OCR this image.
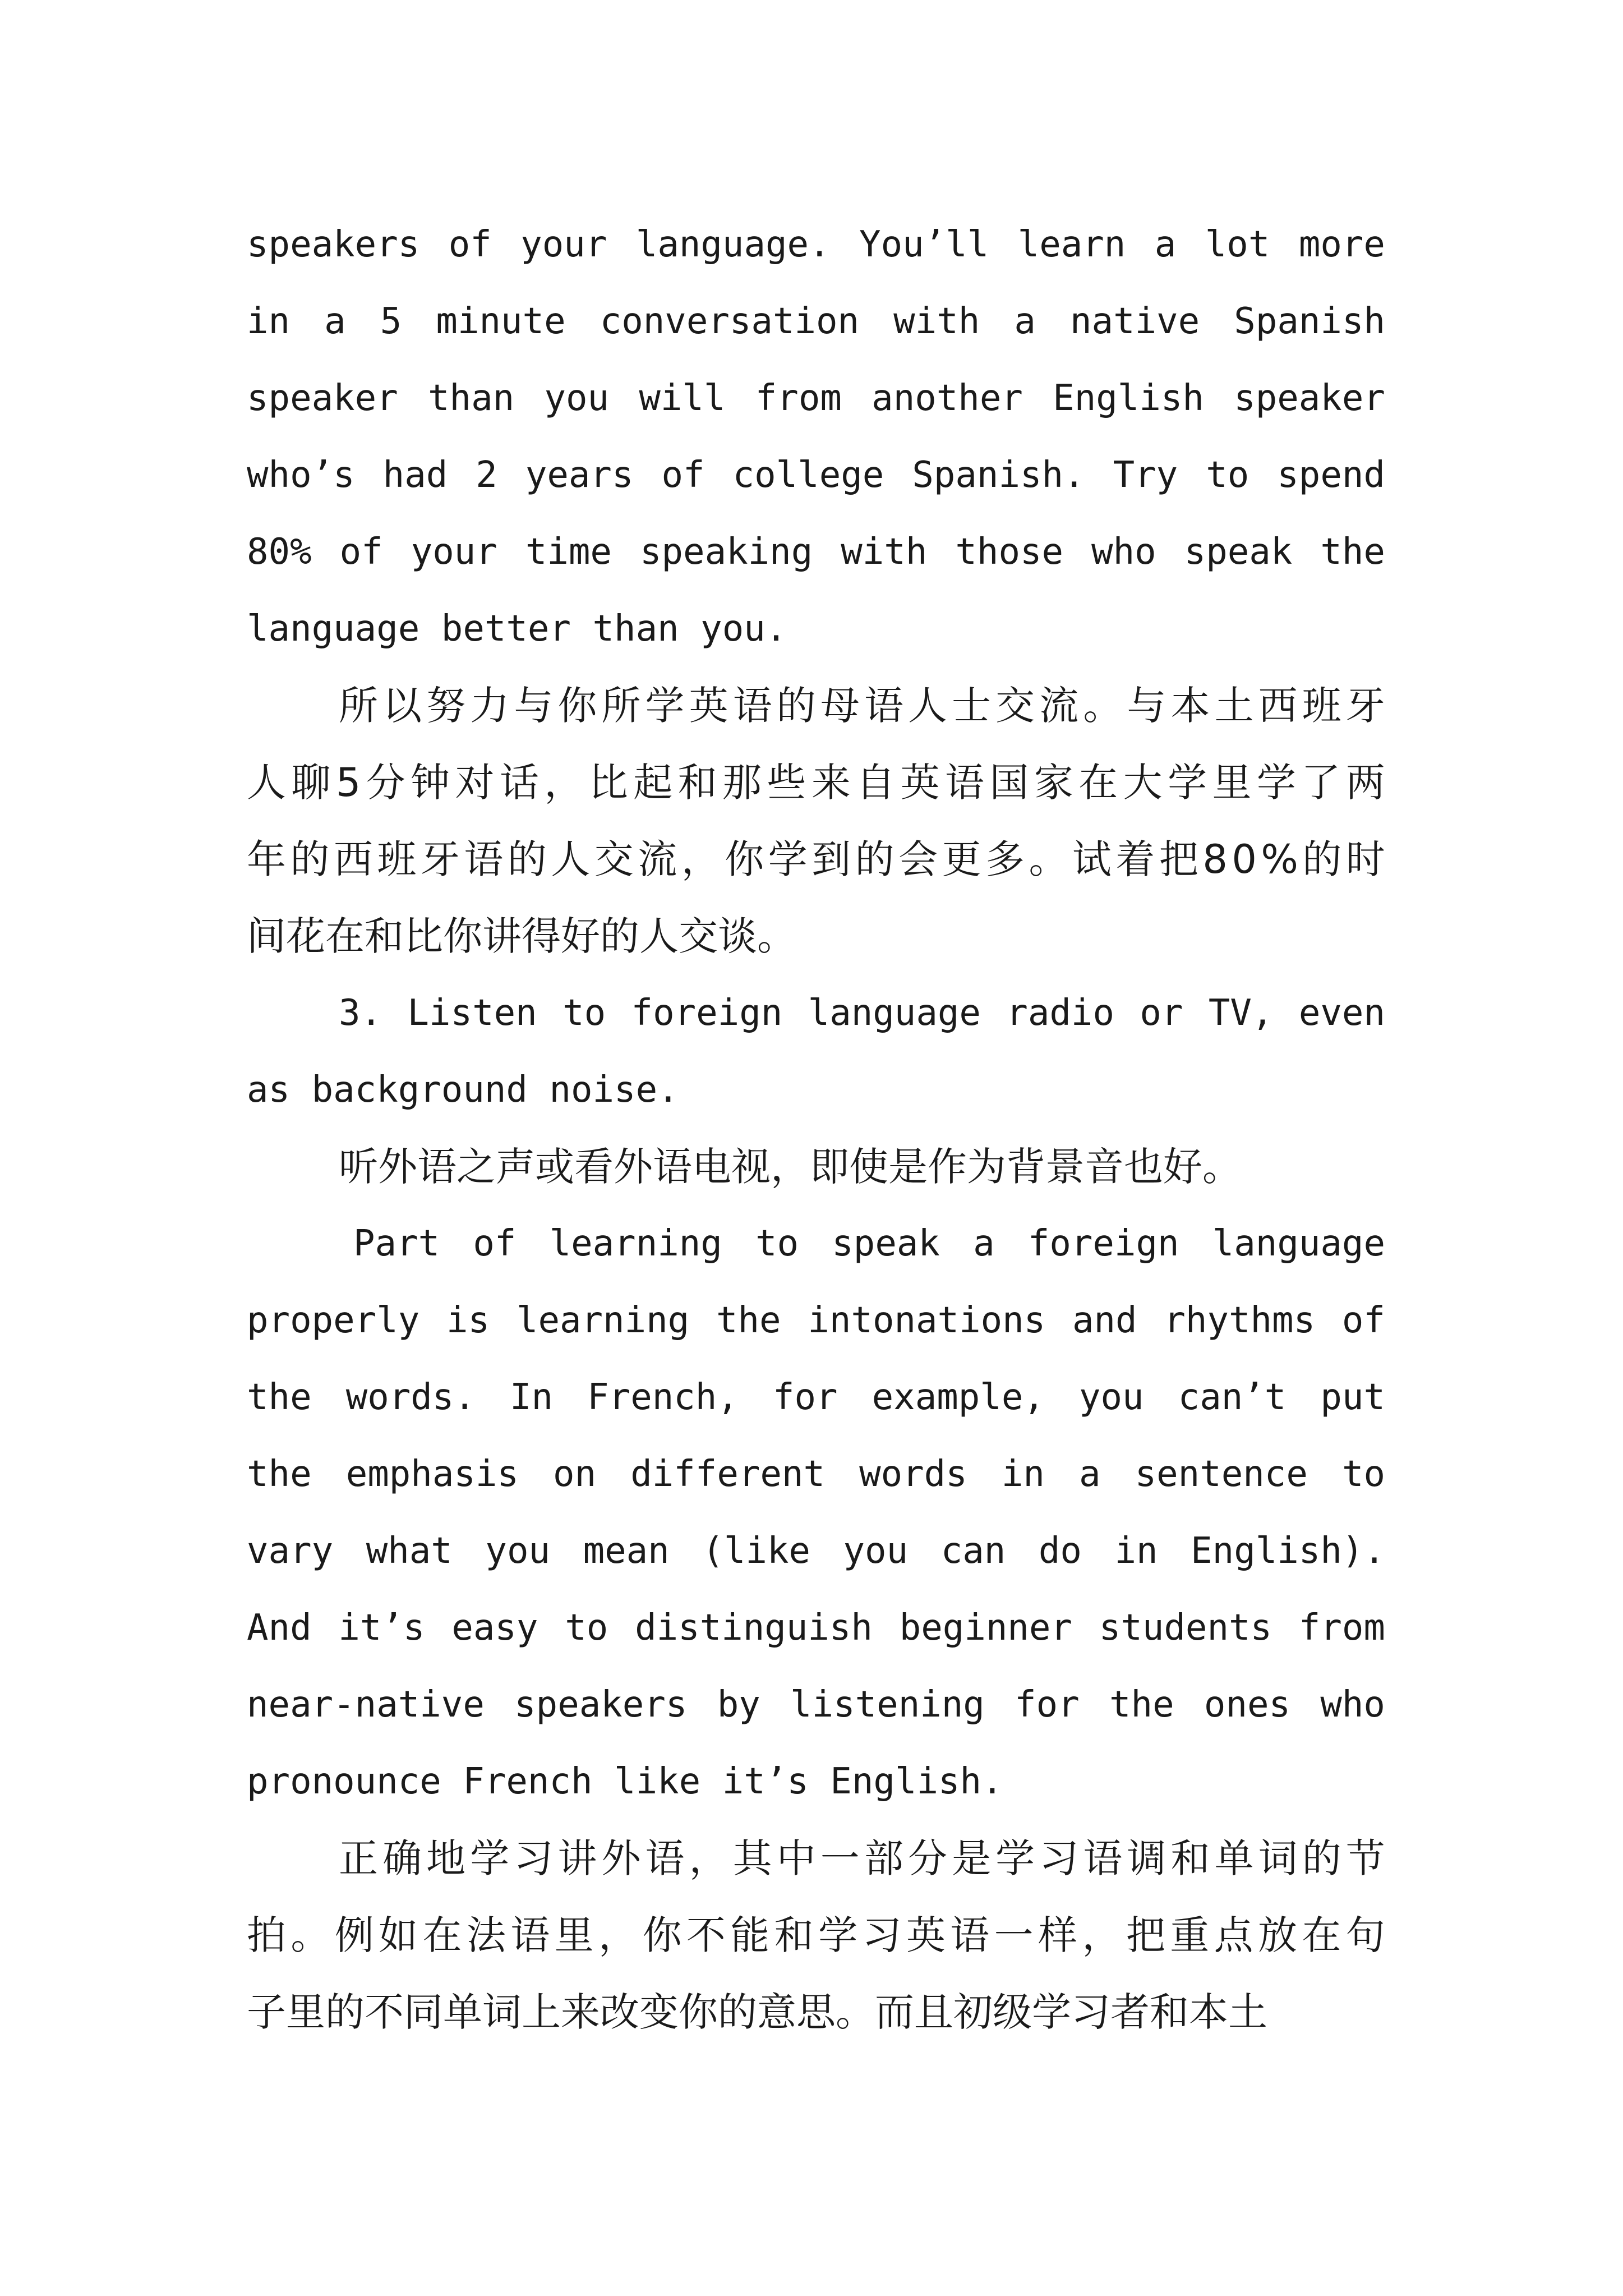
speakers of your language. You’ll learn a lot more
in a 5 minute conversation with a native Spanish
speaker than you will from another English speaker
who’s had 2 years of college Spanish. Try to spend
80% of your time speaking with those who speak the
language better than you.
所 以 努 力 与 你 所 学 英 语 的 母 语 人 士 交 流 。 与 本 土 西 班 牙
人 聊 5 分 钟 对 话 ， 比 起 和 那 些 来 自 英 语 国 家 在 大 学 里 学 了 两
年 的 西 班 牙 语 的 人 交 流 ， 你 学 到 的 会 更 多 。 试 着 把 8 0 % 的 时
间花在和比你讲得好的人交谈。
3. Listen to foreign language radio or TV, even
as background noise.
听外语之声或看外语电视，即使是作为背景音也好。
Part of learning to speak a foreign language
properly is learning the intonations and rhythms of
the words. In French, for example, you can’t put
the emphasis on different words in a sentence to
vary what you mean (like you can do in English).
And it’s easy to distinguish beginner students from
near-native speakers by listening for the ones who
pronounce French like it’s English.
正 确 地 学 习 讲 外 语 ， 其 中 一 部 分 是 学 习 语 调 和 单 词 的 节
拍 。 例 如 在 法 语 里 ， 你 不 能 和 学 习 英 语 一 样 ， 把 重 点 放 在 句
子里的不同单词上来改变你的意思。而且初级学习者和本土
